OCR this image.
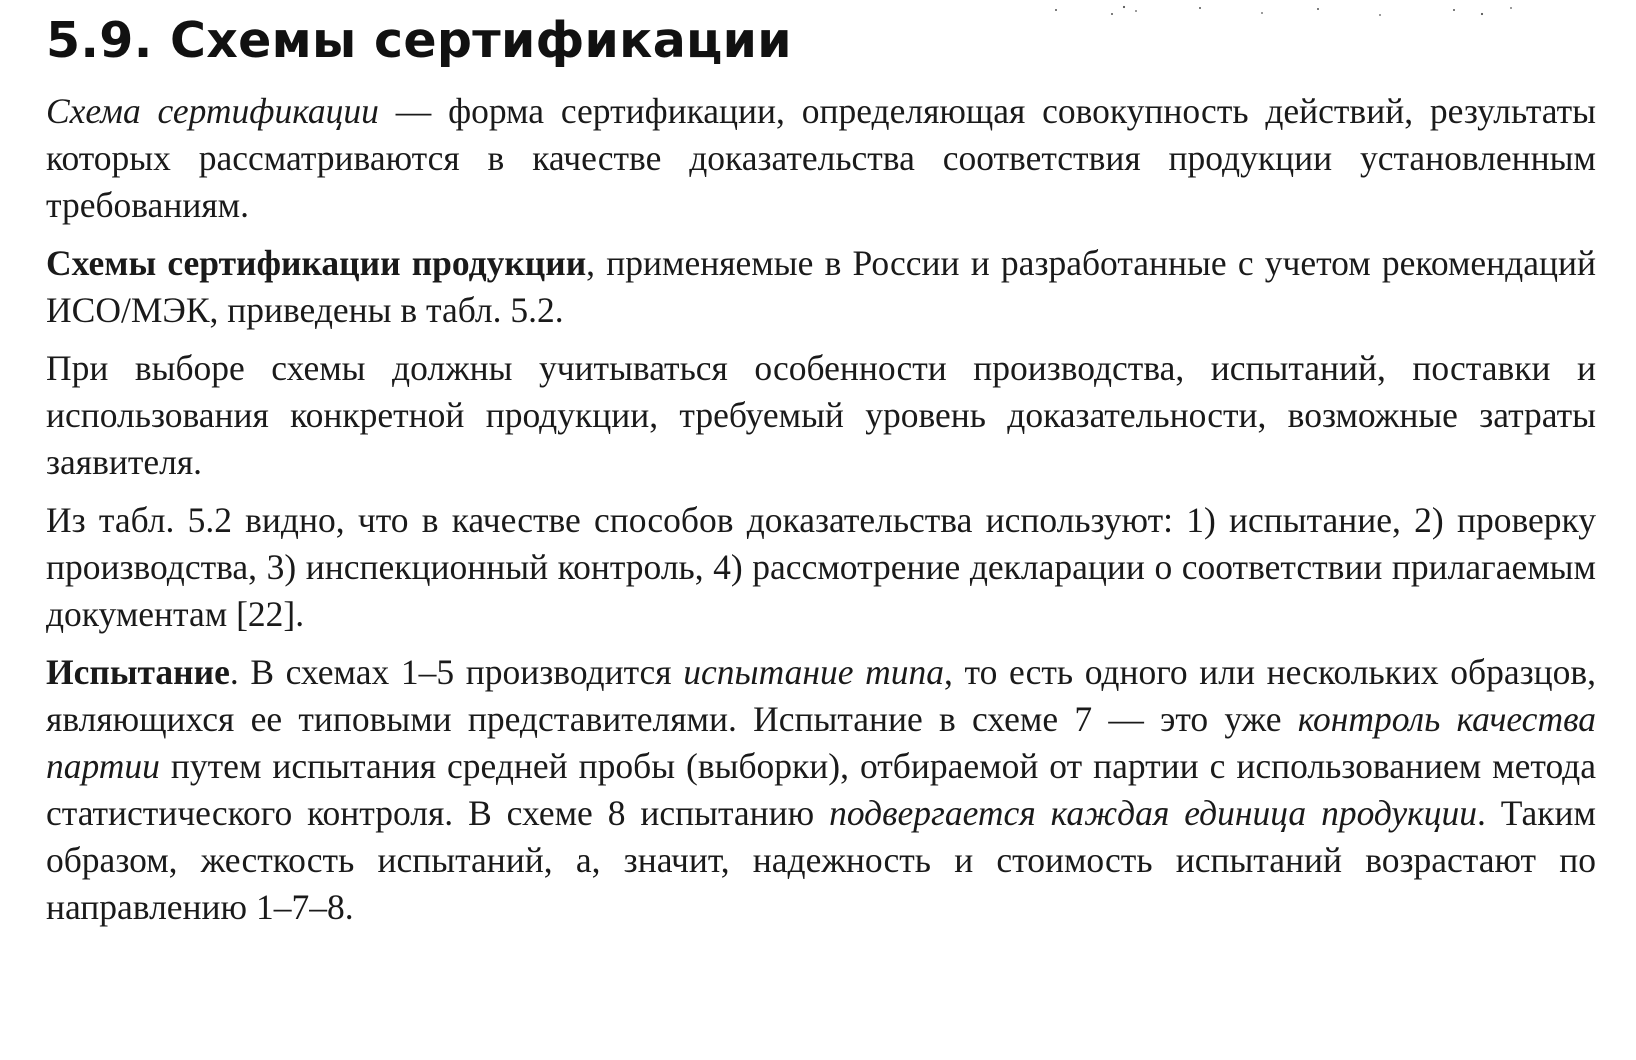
5.9. Схемы сертификации

Схема сертификации — форма сертификации, определяющая совокупность действий, результаты которых рассматриваются в качестве доказательства соответствия продукции установленным требованиям.

Схемы сертификации продукции, применяемые в России и разработанные с учетом рекомендаций ИСО/МЭК, приведены в табл. 5.2.

При выборе схемы должны учитываться особенности производства, испытаний, поставки и использования конкретной продукции, требуемый уровень доказательности, возможные затраты заявителя.

Из табл. 5.2 видно, что в качестве способов доказательства используют: 1) испытание, 2) проверку производства, 3) инспекционный контроль, 4) рассмотрение декларации о соответствии прилагаемым документам [22].

Испытание. В схемах 1–5 производится испытание типа, то есть одного или нескольких образцов, являющихся ее типовыми представителями. Испытание в схеме 7 — это уже контроль качества партии путем испытания средней пробы (выборки), отбираемой от партии с использованием метода статистического контроля. В схеме 8 испытанию подвергается каждая единица продукции. Таким образом, жесткость испытаний, а, значит, надежность и стоимость испытаний возрастают по направлению 1–7–8.
